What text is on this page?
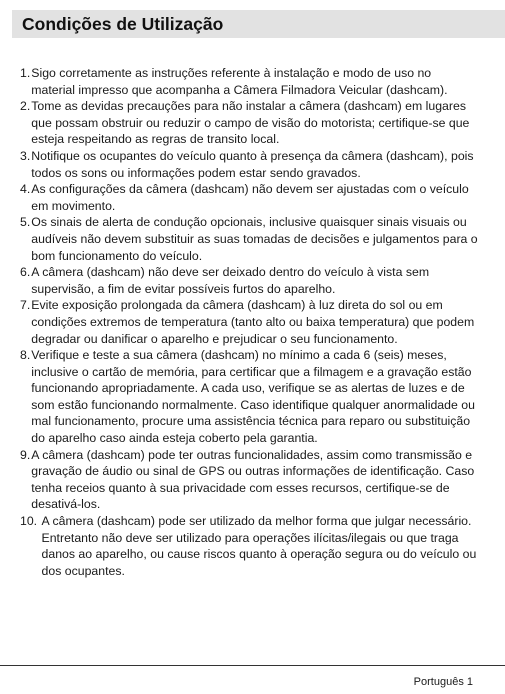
Condições de Utilização
1. Sigo corretamente as instruções referente à instalação e modo de uso no material impresso que acompanha a Câmera Filmadora Veicular (dashcam).
2. Tome as devidas precauções para não instalar a câmera (dashcam) em lugares que possam obstruir ou reduzir o campo de visão do motorista; certifique-se que esteja respeitando as regras de transito local.
3. Notifique os ocupantes do veículo quanto à presença da câmera (dashcam), pois todos os sons ou informações podem estar sendo gravados.
4. As configurações da câmera (dashcam) não devem ser ajustadas com o veículo em movimento.
5. Os sinais de alerta de condução opcionais, inclusive quaisquer sinais visuais ou audíveis não devem substituir as suas tomadas de decisões e julgamentos para o bom funcionamento do veículo.
6. A câmera (dashcam) não deve ser deixado dentro do veículo à vista sem supervisão, a fim de evitar possíveis furtos do aparelho.
7. Evite exposição prolongada da câmera (dashcam) à luz direta do sol ou em condições extremos de temperatura (tanto alto ou baixa temperatura) que podem degradar ou danificar o aparelho e prejudicar o seu funcionamento.
8. Verifique e teste a sua câmera (dashcam) no mínimo a cada 6 (seis) meses, inclusive o cartão de memória, para certificar que a filmagem e a gravação estão funcionando apropriadamente. A cada uso, verifique se as alertas de luzes e de som estão funcionando normalmente. Caso identifique qualquer anormalidade ou mal funcionamento, procure uma assistência técnica para reparo ou substituição do aparelho caso ainda esteja coberto pela garantia.
9. A câmera (dashcam) pode ter outras funcionalidades, assim como transmissão e gravação de áudio ou sinal de GPS ou outras informações de identificação. Caso tenha receios quanto à sua privacidade com esses recursos, certifique-se de desativá-los.
10. A câmera (dashcam) pode ser utilizado da melhor forma que julgar necessário. Entretanto não deve ser utilizado para operações ilícitas/ilegais ou que traga danos ao aparelho, ou cause riscos quanto à operação segura ou do veículo ou dos ocupantes.
Português 1
